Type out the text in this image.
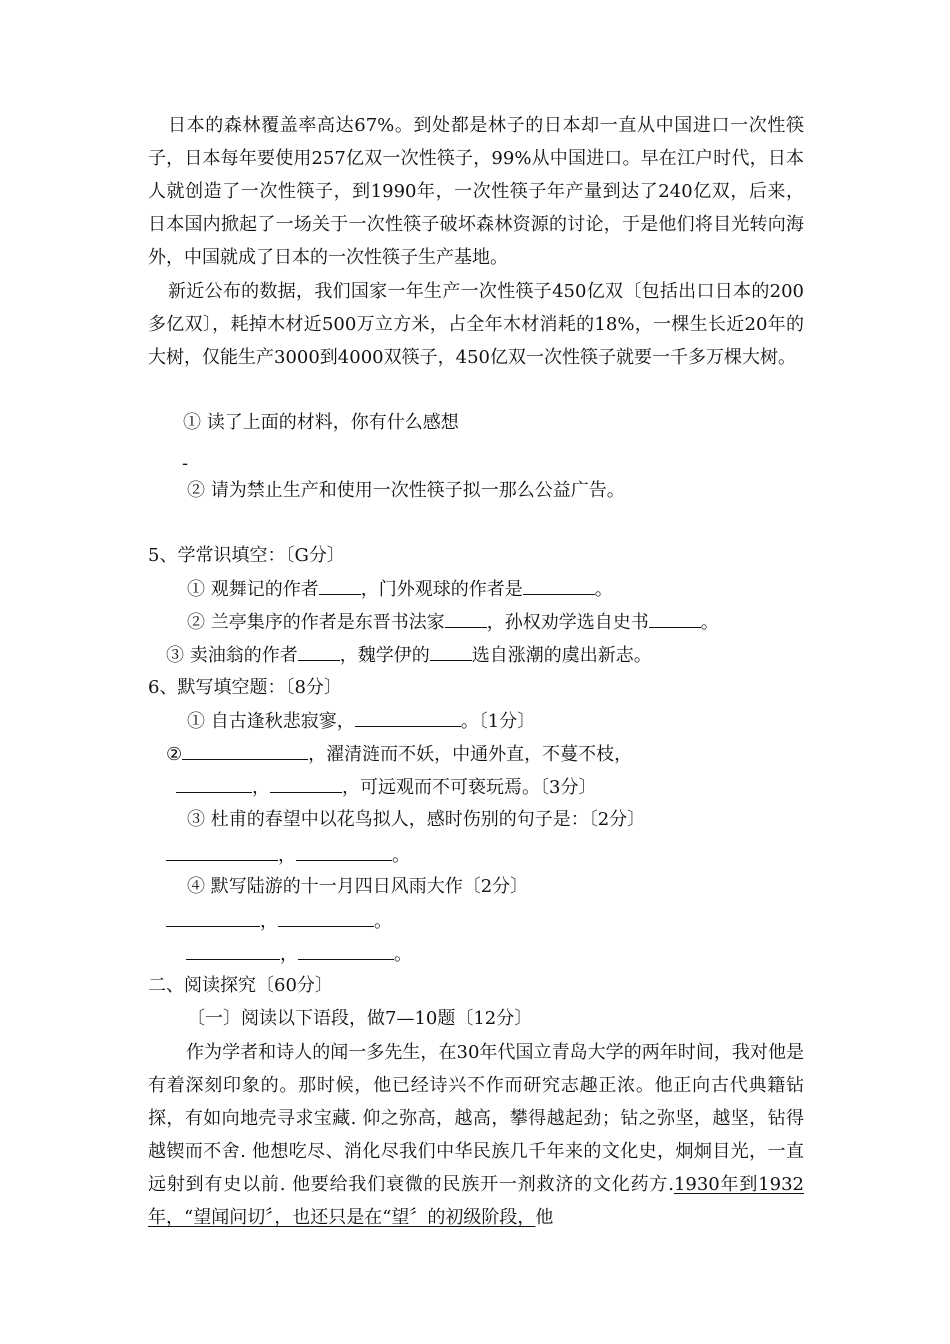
日本的森林覆盖率高达67%。到处都是林子的日本却一直从中国进口一次性筷子，日本每年要使用257亿双一次性筷子，99%从中国进口。早在江户时代，日本人就创造了一次性筷子，到1990年，一次性筷子年产量到达了240亿双，后来，日本国内掀起了一场关于一次性筷子破坏森林资源的讨论，于是他们将目光转向海外，中国就成了日本的一次性筷子生产基地。

新近公布的数据，我们国家一年生产一次性筷子450亿双〔包括出口日本的200多亿双〕，耗掉木材近500万立方米，占全年木材消耗的18%，一棵生长近20年的大树，仅能生产3000到4000双筷子，450亿双一次性筷子就要一千多万棵大树。

① 读了上面的材料，你有什么感想
-
② 请为禁止生产和使用一次性筷子拟一那么公益广告。
5、学常识填空：〔G分〕
① 观舞记的作者 ，门外观球的作者是	。
② 兰亭集序的作者是东晋书法家 ，孙权劝学选自史书	。
③ 卖油翁的作者 ，魏学伊的 选自涨潮的虞出新志。
6、默写填空题：〔8分〕
① 自古逢秋悲寂寥，	。〔1分〕
②	，濯清涟而不妖，中通外直，不蔓不枝，
，	，可远观而不可亵玩焉。〔3分〕
③ 杜甫的春望中以花鸟拟人，感时伤别的句子是：〔2分〕
，	。
④ 默写陆游的十一月四日风雨大作〔2分〕
，	。
，	。
二、阅读探究〔60分〕
〔一〕阅读以下语段，做7—10题〔12分〕

作为学者和诗人的闻一多先生，在30年代国立青岛大学的两年时间，我对他是有着深刻印象的。那时候，他已经诗兴不作而研究志趣正浓。他正向古代典籍钻探，有如向地壳寻求宝藏. 仰之弥高，越高，攀得越起劲；钻之弥坚，越坚，钻得越锲而不舍. 他想吃尽、消化尽我们中华民族几千年来的文化史，炯炯目光，一直远射到有史以前. 他要给我们衰微的民族开一剂救济的文化药方.1930年到1932年，“望闻问切〞，也还只是在“望〞的初级阶段，他
